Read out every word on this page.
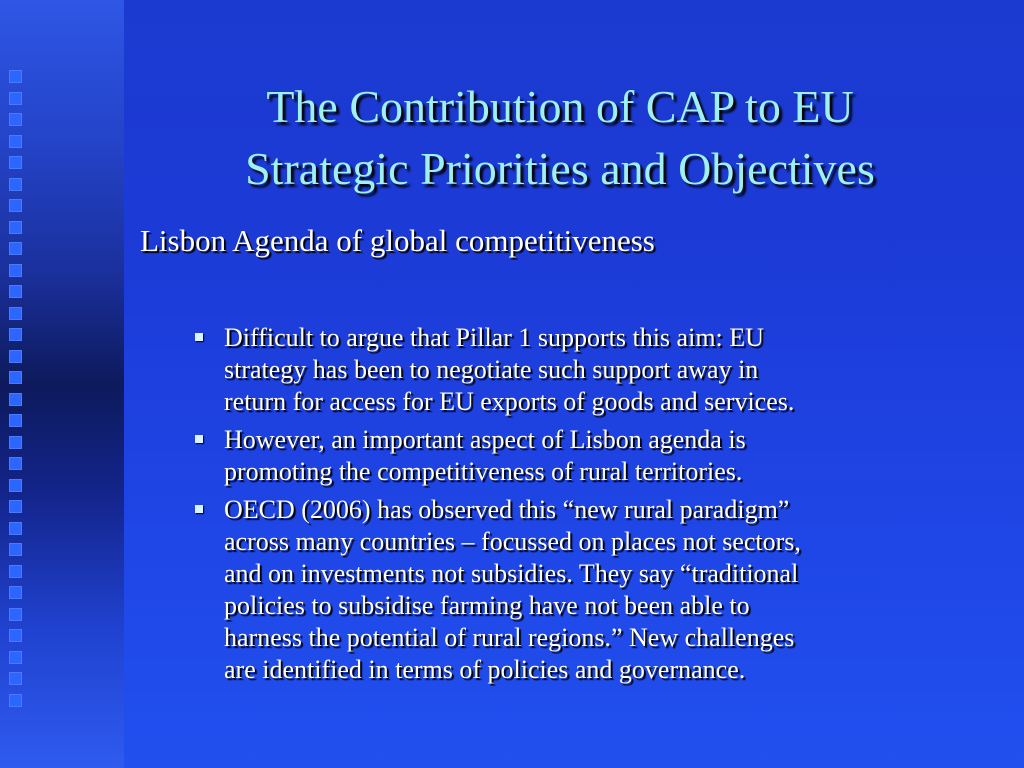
The Contribution of CAP to EU
Strategic Priorities and Objectives
Lisbon Agenda of global competitiveness
Difficult to argue that Pillar 1 supports this aim: EU
strategy has been to negotiate such support away in
return for access for EU exports of goods and services.
However, an important aspect of Lisbon agenda is
promoting the competitiveness of rural territories.
OECD (2006) has observed this “new rural paradigm”
across many countries – focussed on places not sectors,
and on investments not subsidies. They say “traditional
policies to subsidise farming have not been able to
harness the potential of rural regions.” New challenges
are identified in terms of policies and governance.
